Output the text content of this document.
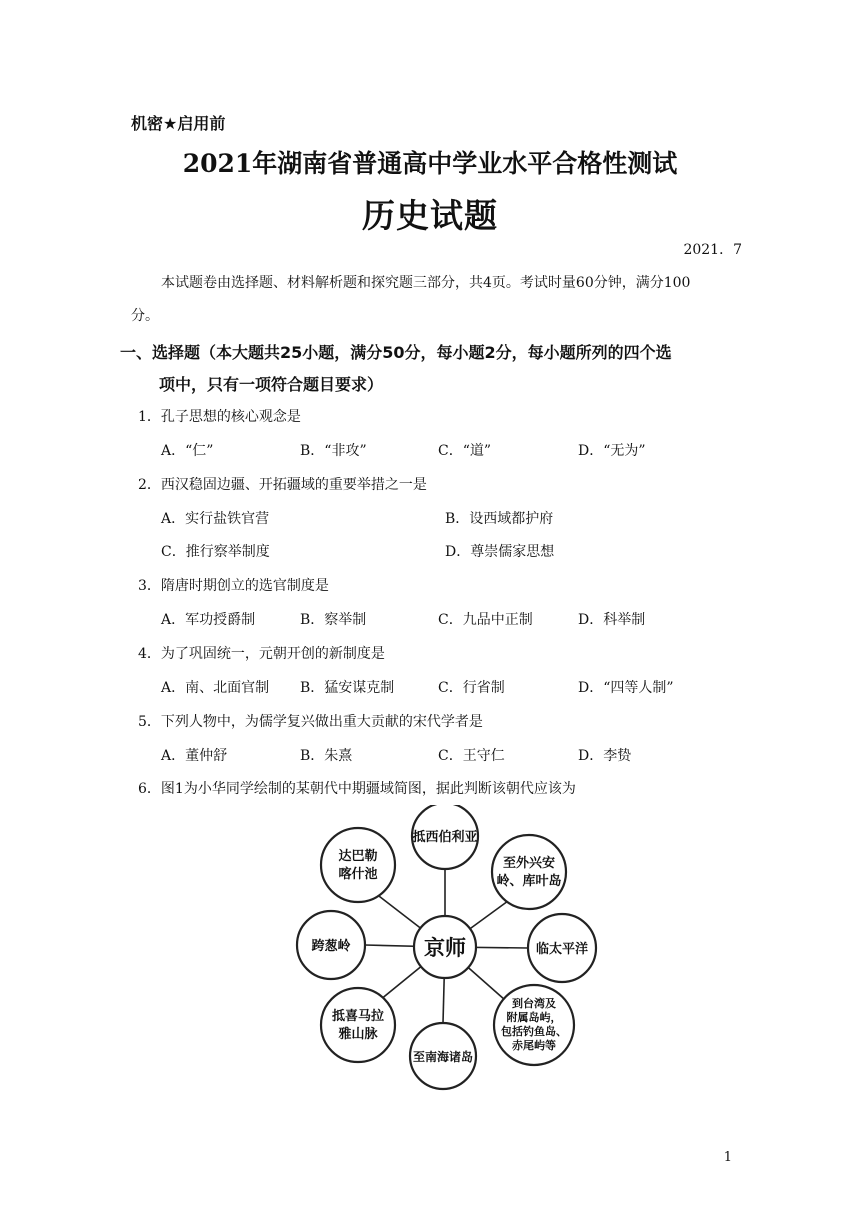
机密★启用前
2021年湖南省普通高中学业水平合格性测试
历史试题
2021．7
本试题卷由选择题、材料解析题和探究题三部分，共4页。考试时量60分钟，满分100
分。
一、选择题（本大题共25小题，满分50分，每小题2分，每小题所列的四个选
项中，只有一项符合题目要求）
1．孔子思想的核心观念是
A．“仁”	B．“非攻”	C．“道”	D．“无为”
2．西汉稳固边疆、开拓疆域的重要举措之一是
A．实行盐铁官营	B．设西域都护府
C．推行察举制度	D．尊崇儒家思想
3．隋唐时期创立的选官制度是
A．军功授爵制	B．察举制	C．九品中正制	D．科举制
4．为了巩固统一，元朝开创的新制度是
A．南、北面官制 B．猛安谋克制	C．行省制	D．“四等人制”
5．下列人物中，为儒学复兴做出重大贡献的宋代学者是
A．董仲舒	B．朱熹	C．王守仁	D．李贽
6．图1为小华同学绘制的某朝代中期疆域简图，据此判断该朝代应该为
京师
抵西伯利亚
至外兴安
岭、库叶岛
临太平洋
到台湾及
附属岛屿，
包括钓鱼岛、
赤尾屿等
至南海诸岛
抵喜马拉
雅山脉
跨葱岭
达巴勒
喀什池
1
